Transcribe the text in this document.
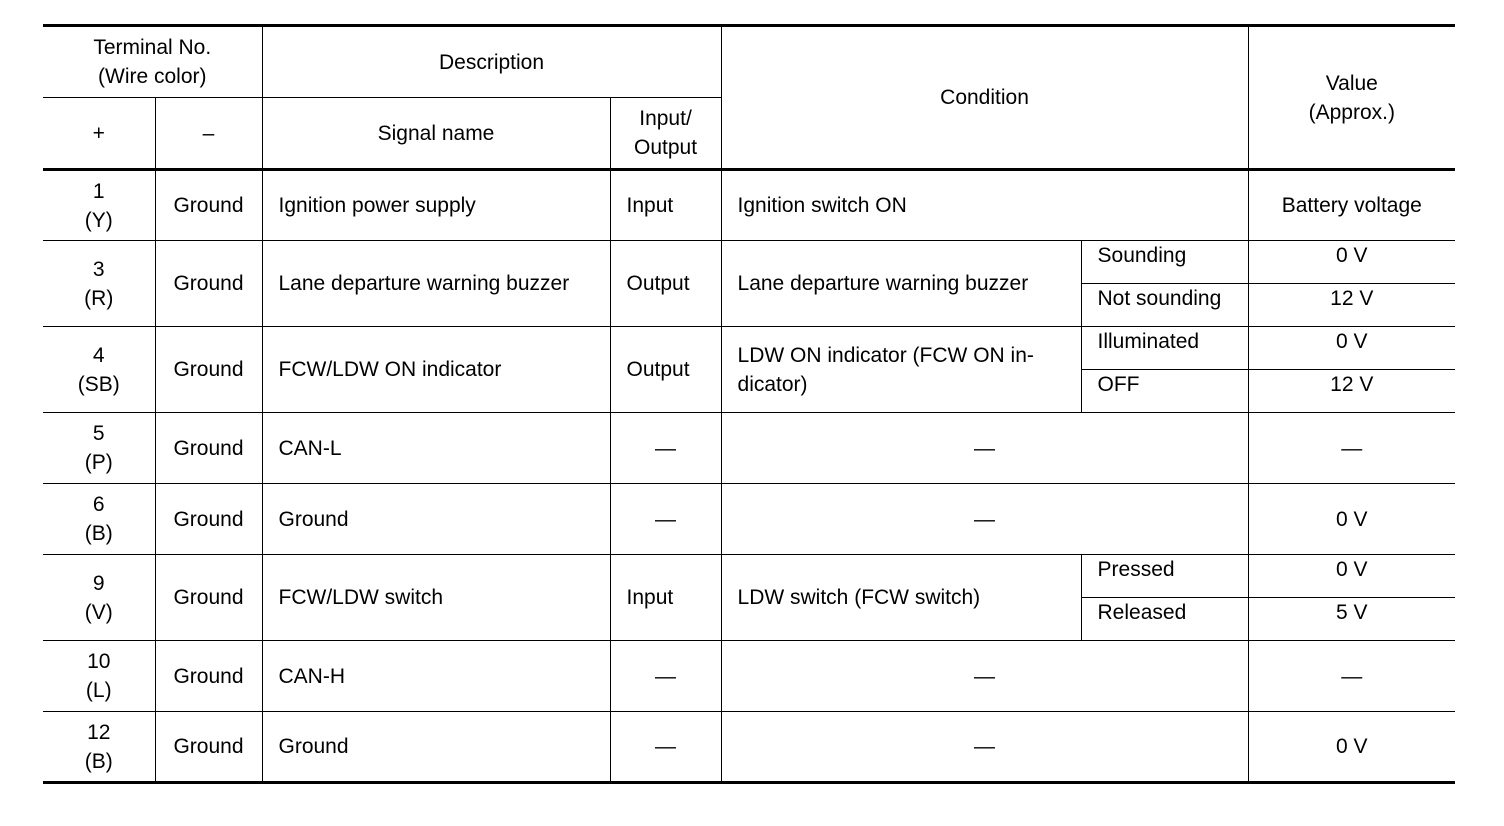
Terminal No.
(Wire color)		Description		Condition		Value
(Approx.)

+	–	Signal name	Input/
Output			

1
(Y)	Ground	Ignition power supply	Input	Ignition switch ON		Battery voltage

3
(R)	Ground	Lane departure warning buzzer	Output	Lane departure warning buzzer	Sounding	0 V
					Not sounding	12 V

4
(SB)	Ground	FCW/LDW ON indicator	Output	LDW ON indicator (FCW ON in-
dicator)	Illuminated	0 V
					OFF	12 V

5
(P)	Ground	CAN-L	—	—		—

6
(B)	Ground	Ground	—	—		0 V

9
(V)	Ground	FCW/LDW switch	Input	LDW switch (FCW switch)	Pressed	0 V
					Released	5 V

10
(L)	Ground	CAN-H	—	—		—

12
(B)	Ground	Ground	—	—		0 V
